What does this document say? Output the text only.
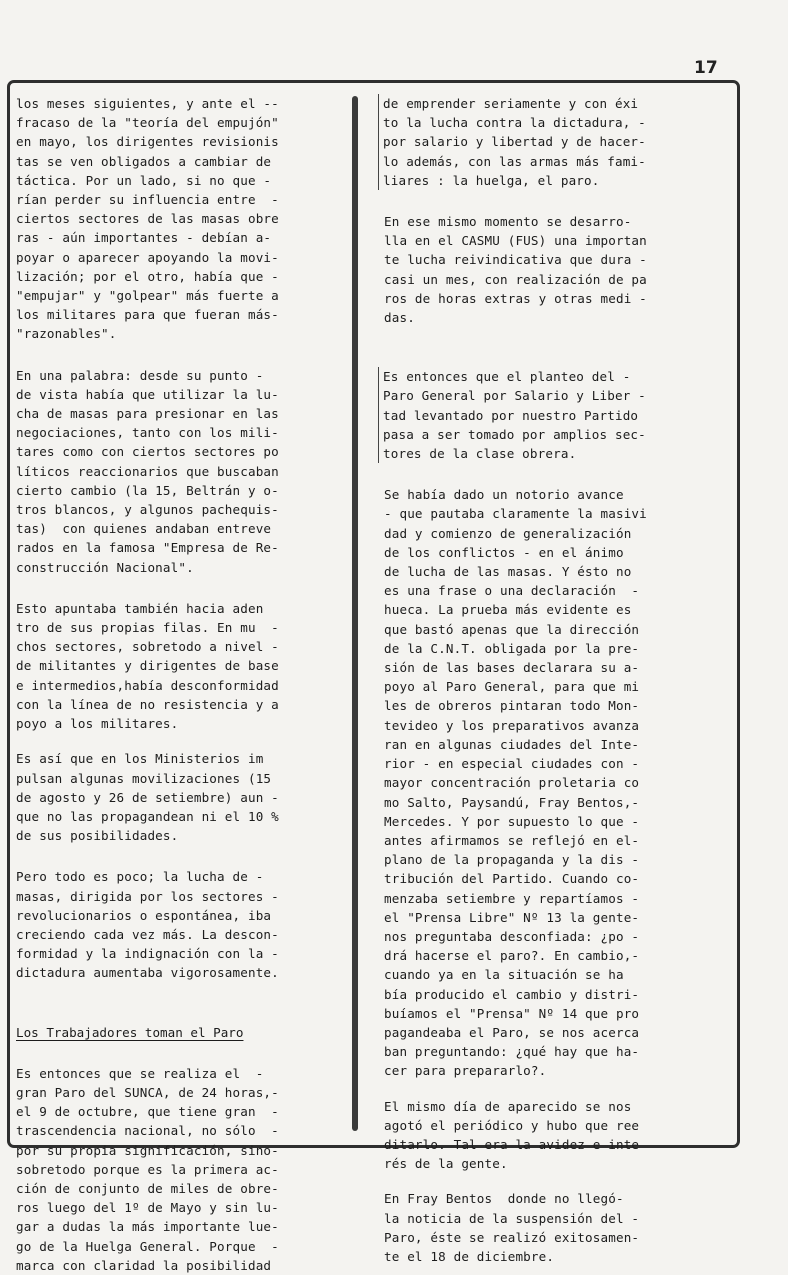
17

los meses siguientes, y ante el --
fracaso de la "teoría del empujón"
en mayo, los dirigentes revisionis
tas se ven obligados a cambiar de
táctica. Por un lado, si no que -
rían perder su influencia entre  -
ciertos sectores de las masas obre
ras - aún importantes - debían a-
poyar o aparecer apoyando la movi-
lización; por el otro, había que -
"empujar" y "golpear" más fuerte a
los militares para que fueran más-
"razonables".

En una palabra: desde su punto -
de vista había que utilizar la lu-
cha de masas para presionar en las
negociaciones, tanto con los mili-
tares como con ciertos sectores po
líticos reaccionarios que buscaban
cierto cambio (la 15, Beltrán y o-
tros blancos, y algunos pachequis-
tas)  con quienes andaban entreve
rados en la famosa "Empresa de Re-
construcción Nacional".

Esto apuntaba también hacia aden
tro de sus propias filas. En mu  -
chos sectores, sobretodo a nivel -
de militantes y dirigentes de base
e intermedios,había desconformidad
con la línea de no resistencia y a
poyo a los militares.

Es así que en los Ministerios im
pulsan algunas movilizaciones (15
de agosto y 26 de setiembre) aun -
que no las propagandean ni el 10 %
de sus posibilidades.

Pero todo es poco; la lucha de -
masas, dirigida por los sectores -
revolucionarios o espontánea, iba
creciendo cada vez más. La descon-
formidad y la indignación con la -
dictadura aumentaba vigorosamente.

Los Trabajadores toman el Paro

Es entonces que se realiza el  -
gran Paro del SUNCA, de 24 horas,-
el 9 de octubre, que tiene gran  -
trascendencia nacional, no sólo  -
por su propia significación, sino-
sobretodo porque es la primera ac-
ción de conjunto de miles de obre-
ros luego del 1º de Mayo y sin lu-
gar a dudas la más importante lue-
go de la Huelga General. Porque  -
marca con claridad la posibilidad

de emprender seriamente y con éxi
to la lucha contra la dictadura, -
por salario y libertad y de hacer-
lo además, con las armas más fami-
liares : la huelga, el paro.

En ese mismo momento se desarro-
lla en el CASMU (FUS) una importan
te lucha reivindicativa que dura -
casi un mes, con realización de pa
ros de horas extras y otras medi -
das.

Es entonces que el planteo del -
Paro General por Salario y Liber -
tad levantado por nuestro Partido
pasa a ser tomado por amplios sec-
tores de la clase obrera.

Se había dado un notorio avance
- que pautaba claramente la masivi
dad y comienzo de generalización
de los conflictos - en el ánimo
de lucha de las masas. Y ésto no
es una frase o una declaración  -
hueca. La prueba más evidente es
que bastó apenas que la dirección
de la C.N.T. obligada por la pre-
sión de las bases declarara su a-
poyo al Paro General, para que mi
les de obreros pintaran todo Mon-
tevideo y los preparativos avanza
ran en algunas ciudades del Inte-
rior - en especial ciudades con -
mayor concentración proletaria co
mo Salto, Paysandú, Fray Bentos,-
Mercedes. Y por supuesto lo que -
antes afirmamos se reflejó en el-
plano de la propaganda y la dis -
tribución del Partido. Cuando co-
menzaba setiembre y repartíamos -
el "Prensa Libre" Nº 13 la gente-
nos preguntaba desconfiada: ¿po -
drá hacerse el paro?. En cambio,-
cuando ya en la situación se ha
bía producido el cambio y distri-
buíamos el "Prensa" Nº 14 que pro
pagandeaba el Paro, se nos acerca
ban preguntando: ¿qué hay que ha-
cer para prepararlo?.

El mismo día de aparecido se nos
agotó el periódico y hubo que ree
ditarlo. Tal era la avidez e inte
rés de la gente.

En Fray Bentos  donde no llegó-
la noticia de la suspensión del -
Paro, éste se realizó exitosamen-
te el 18 de diciembre.
